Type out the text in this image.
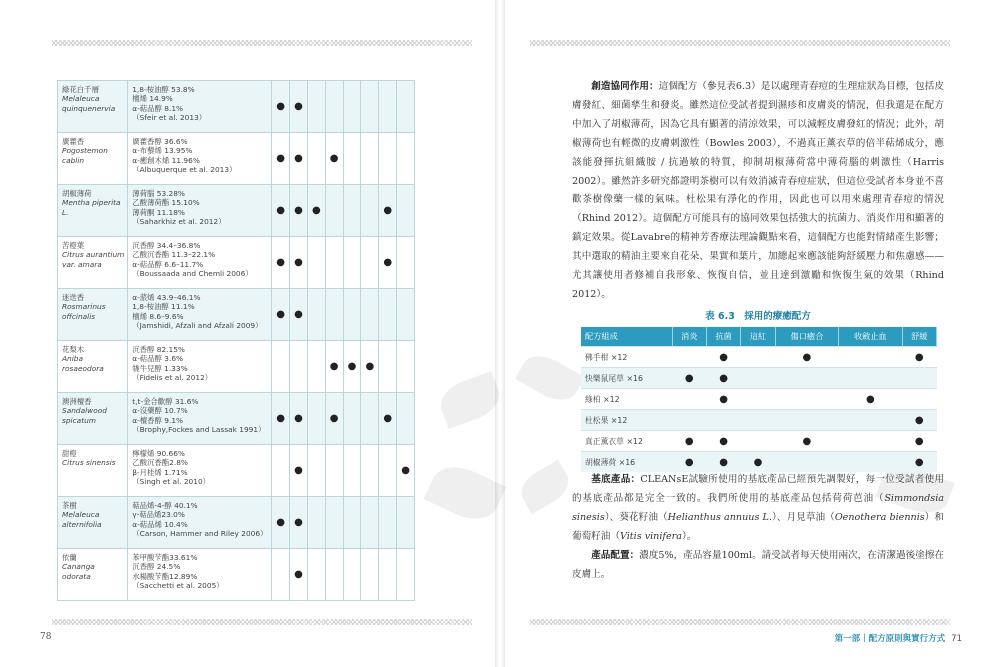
綠花白千層
Melaleuca
quinquenervia	1,8-桉油醇 53.8%
檀烯 14.9%
α-萜品醇 8.1%
（Sfeir et al. 2013）	●	●						

廣藿香
Pogostemon
cablin	廣藿香醇 36.6%
α-布藜烯 13.95%
α-癒創木烯 11.96%
（Albuquerque et al. 2013）	●	●		●				

胡椒薄荷
Mentha piperita
L.	薄荷腦 53.28%
乙酸薄荷酯 15.10%
薄荷酮 11.18%
（Saharkhiz et al. 2012）	●	●	●				●	

苦橙葉
Citrus aurantium
var. amara	沉香醇 34.4–36.8%
乙酸沉香酯 11.3–22.1%
α-萜品醇 6.6–11.7%
（Boussaada and Chemli 2006）	●	●					●	

迷迭香
Rosmarinus
offcinalis	α-蒎烯 43.9–46.1%
1,8-桉油醇 11.1%
檀烯 8.6–9.6%
（Jamshidi, Afzali and Afzali 2009）	●	●						

花梨木
Aniba
rosaeodora	沉香醇 82.15%
α-萜品醇 3.6%
牻牛兒醇 1.33%
（Fidelis et al. 2012）				●	●	●		

澳洲檀香
Sandalwood
spicatum	t,t-金合歡醇 31.6%
α-沒藥醇 10.7%
α-檀香醇 9.1%
（Brophy,Fockes and Lassak 1991）	●	●		●			●	

甜橙
Citrus sinensis	檸檬烯 90.66%
乙酸沉香酯2.8%
β-月桂烯 1.71%
（Singh et al. 2010）		●						●

茶樹
Melaleuca
alternifolia	萜品烯-4-醇 40.1%
γ-萜品烯23.0%
α-萜品烯 10.4%
（Carson, Hammer and Riley 2006）	●	●						

依蘭
Cananga
odorata	苯甲酸苄酯33.61%
沉香醇 24.5%
水楊酸苄酯12.89%
（Sacchetti et al. 2005）		●						
78

創造協同作用：這個配方（參見表6.3）是以處理青春痘的生理症狀為目標，包括皮膚發紅、細菌孳生和發炎。雖然這位受試者提到濕疹和皮膚炎的情況，但我還是在配方中加入了胡椒薄荷，因為它具有顯著的清涼效果，可以減輕皮膚發紅的情況；此外，胡椒薄荷也有輕微的皮膚刺激性（Bowles 2003），不過真正薰衣草的倍半萜烯成分，應該能發揮抗組織胺 / 抗過敏的特質，抑制胡椒薄荷當中薄荷腦的刺激性（Harris 2002）。雖然許多研究都證明茶樹可以有效消滅青春痘症狀，但這位受試者本身並不喜歡茶樹像藥一樣的氣味。杜松果有淨化的作用，因此也可以用來處理青春痘的情況（Rhind 2012）。這個配方可能具有的協同效果包括強大的抗菌力、消炎作用和顯著的鎮定效果。從Lavabre的精神芳香療法理論觀點來看，這個配方也能對情緒產生影響；其中選取的精油主要來自花朵、果實和葉片，加總起來應該能夠舒緩壓力和焦慮感——尤其讓使用者修補自我形象、恢復自信，並且達到激勵和恢復生氣的效果（Rhind 2012）。

表 6.3　採用的療癒配方
配方組成	消炎	抗菌	這紅	傷口癒合	收斂止血	舒緩
佛手柑 ×12		●		●		●
快樂鼠尾草 ×16	●	●				
綠柏 ×12		●			●	
杜松果 ×12						●
真正薰衣草 ×12	●	●		●		●
胡椒薄荷 ×16	●	●	●			●

基底產品：CLEANsE試驗所使用的基底產品已經預先調製好，每一位受試者使用的基底產品都是完全一致的。我們所使用的基底產品包括荷荷芭油（Simmondsia sinesis）、葵花籽油（Helianthus annuus L.）、月見草油（Oenothera biennis）和葡萄籽油（Vitis vinifera）。

產品配置：濃度5%，產品容量100ml。請受試者每天使用兩次，在清潔過後塗擦在皮膚上。

第一部｜配方原則與實行方式 71
